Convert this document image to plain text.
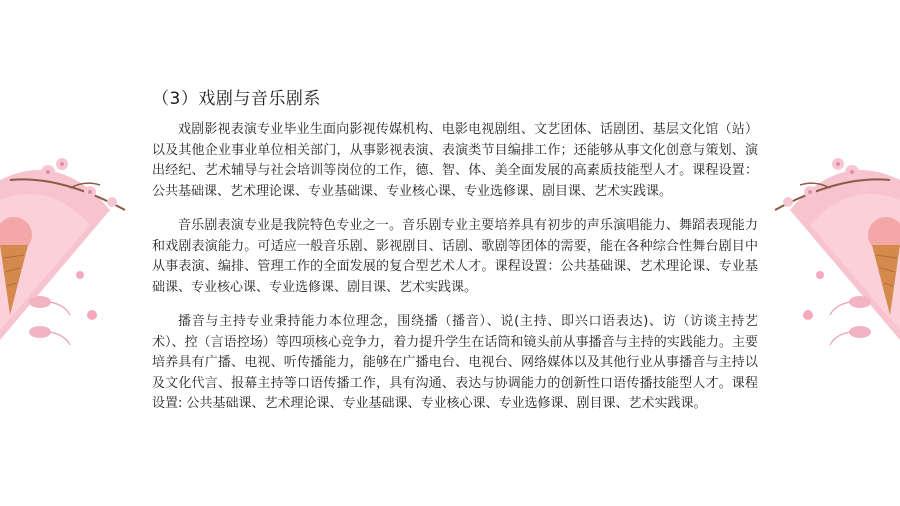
（3）戏剧与音乐剧系

戏剧影视表演专业毕业生面向影视传媒机构、电影电视剧组、文艺团体、话剧团、基层文化馆（站）以及其他企业事业单位相关部门，从事影视表演、表演类节目编排工作；还能够从事文化创意与策划、演出经纪、艺术辅导与社会培训等岗位的工作，德、智、体、美全面发展的高素质技能型人才。课程设置：公共基础课、艺术理论课、专业基础课、专业核心课、专业选修课、剧目课、艺术实践课。

音乐剧表演专业是我院特色专业之一。音乐剧专业主要培养具有初步的声乐演唱能力、舞蹈表现能力和戏剧表演能力。可适应一般音乐剧、影视剧目、话剧、歌剧等团体的需要，能在各种综合性舞台剧目中从事表演、编排、管理工作的全面发展的复合型艺术人才。课程设置：公共基础课、艺术理论课、专业基础课、专业核心课、专业选修课、剧目课、艺术实践课。

播音与主持专业秉持能力本位理念，围绕播（播音）、说(主持、即兴口语表达)、访（访谈主持艺术）、控（言语控场）等四项核心竞争力，着力提升学生在话筒和镜头前从事播音与主持的实践能力。主要培养具有广播、电视、听传播能力，能够在广播电台、电视台、网络媒体以及其他行业从事播音与主持以及文化代言、报幕主持等口语传播工作，具有沟通、表达与协调能力的创新性口语传播技能型人才。课程设置: 公共基础课、艺术理论课、专业基础课、专业核心课、专业选修课、剧目课、艺术实践课。
